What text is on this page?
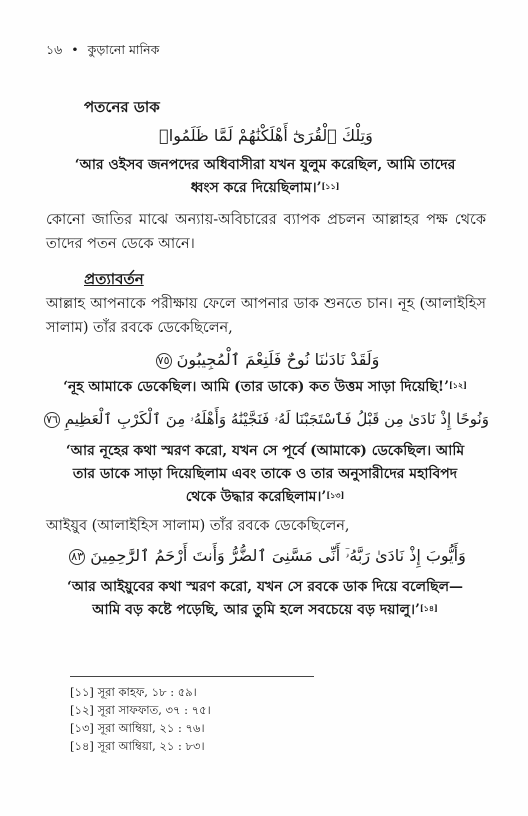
১৬ • কুড়ানো মানিক
পতনের ডাক
وَتِلْكَ ٱلْقُرَىٰٓ أَهْلَكْنَٰهُمْ لَمَّا ظَلَمُوا۟
‘আর ওইসব জনপদের অধিবাসীরা যখন যুলুম করেছিল, আমি তাদের
ধ্বংস করে দিয়েছিলাম।’[১১]
কোনো জাতির মাঝে অন্যায়-অবিচারের ব্যাপক প্রচলন আল্লাহর পক্ষ থেকে তাদের পতন ডেকে আনে।
প্রত্যাবর্তন
আল্লাহ আপনাকে পরীক্ষায় ফেলে আপনার ডাক শুনতে চান। নূহ (আলাইহিস সালাম) তাঁর রবকে ডেকেছিলেন,
وَلَقَدْ نَادَىٰنَا نُوحٌ فَلَنِعْمَ ٱلْمُجِيبُونَ ٧٥
‘নূহ আমাকে ডেকেছিল। আমি (তার ডাকে) কত উত্তম সাড়া দিয়েছি!’[১২]
وَنُوحًا إِذْ نَادَىٰ مِن قَبْلُ فَٱسْتَجَبْنَا لَهُۥ فَنَجَّيْنَٰهُ وَأَهْلَهُۥ مِنَ ٱلْكَرْبِ ٱلْعَظِيمِ ٧٦
‘আর নূহের কথা স্মরণ করো, যখন সে পূর্বে (আমাকে) ডেকেছিল। আমি
তার ডাকে সাড়া দিয়েছিলাম এবং তাকে ও তার অনুসারীদের মহাবিপদ
থেকে উদ্ধার করেছিলাম।’[১৩]
আইয়ুব (আলাইহিস সালাম) তাঁর রবকে ডেকেছিলেন,
وَأَيُّوبَ إِذْ نَادَىٰ رَبَّهُۥٓ أَنِّى مَسَّنِىَ ٱلضُّرُّ وَأَنتَ أَرْحَمُ ٱلرَّٰحِمِينَ ٨٣
‘আর আইয়ুবের কথা স্মরণ করো, যখন সে রবকে ডাক দিয়ে বলেছিল—
আমি বড় কষ্টে পড়েছি, আর তুমি হলে সবচেয়ে বড় দয়ালু।’[১৪]
[১১] সূরা কাহফ, ১৮ : ৫৯।
[১২] সূরা সাফফাত, ৩৭ : ৭৫।
[১৩] সূরা আম্বিয়া, ২১ : ৭৬।
[১৪] সূরা আম্বিয়া, ২১ : ৮৩।
